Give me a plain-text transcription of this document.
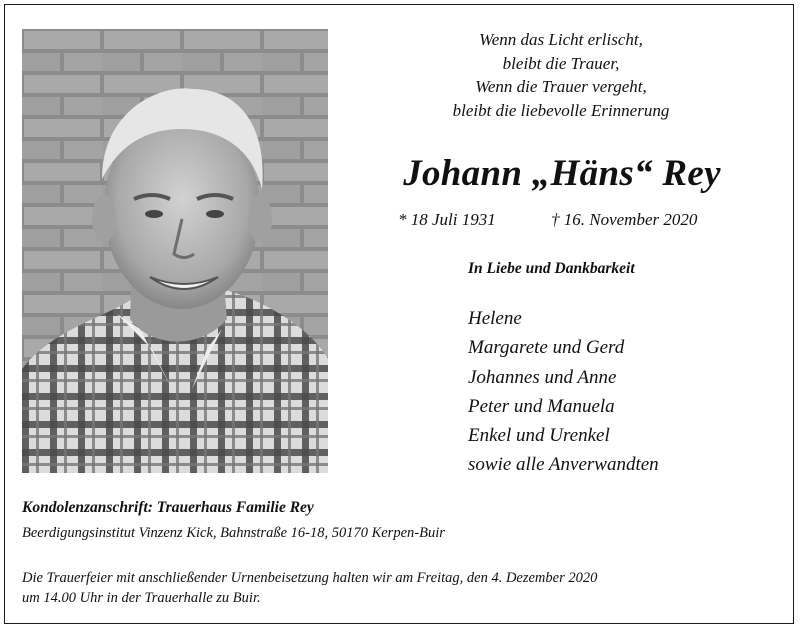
Wenn das Licht erlischt,
bleibt die Trauer,
Wenn die Trauer vergeht,
bleibt die liebevolle Erinnerung
Johann „Häns“ Rey
* 18 Juli 1931	† 16. November 2020
In Liebe und Dankbarkeit
Helene
Margarete und Gerd
Johannes und Anne
Peter und Manuela
Enkel und Urenkel
sowie alle Anverwandten
Kondolenzanschrift: Trauerhaus Familie Rey
Beerdigungsinstitut Vinzenz Kick, Bahnstraße 16-18, 50170 Kerpen-Buir
Die Trauerfeier mit anschließender Urnenbeisetzung halten wir am Freitag, den 4. Dezember 2020
um 14.00 Uhr in der Trauerhalle zu Buir.
